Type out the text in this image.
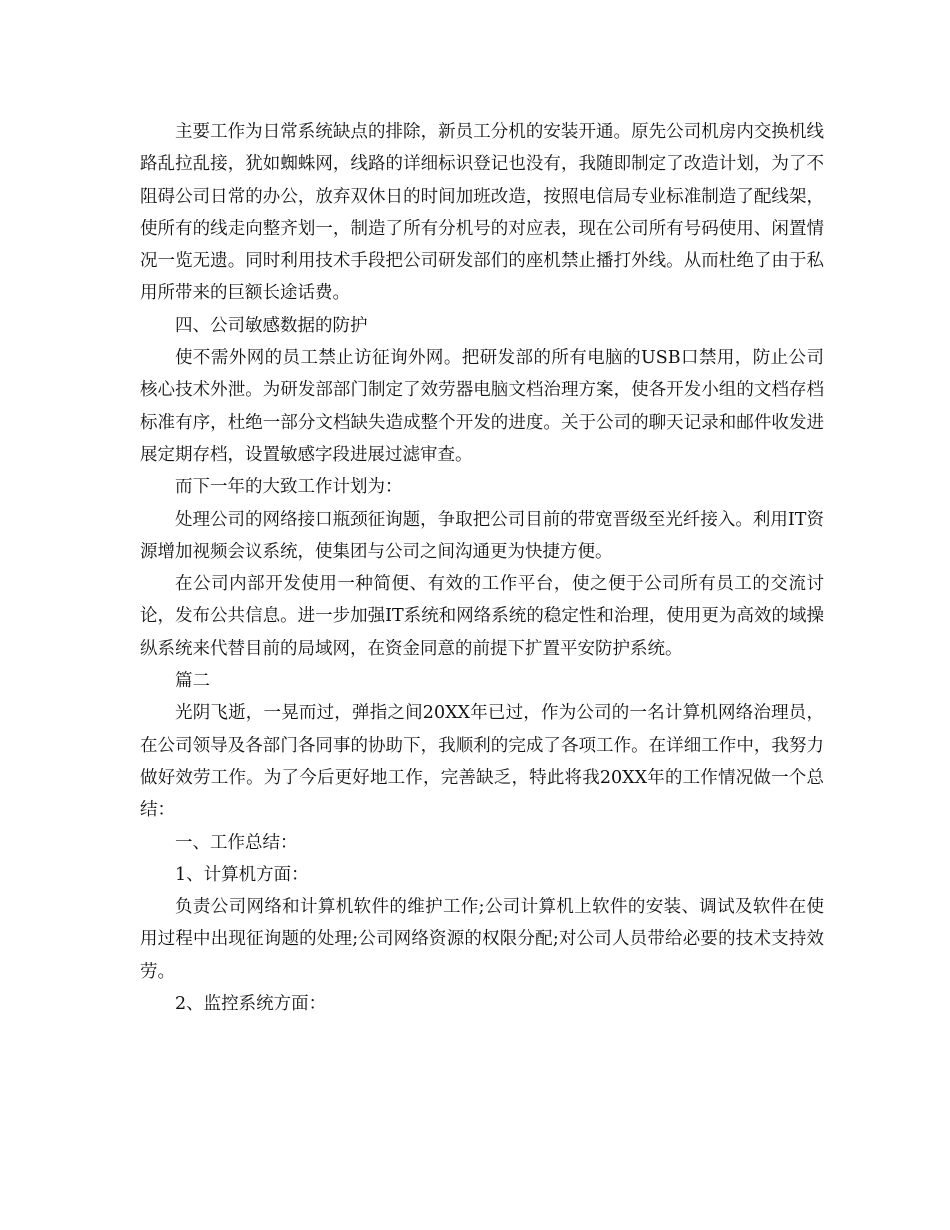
主要工作为日常系统缺点的排除，新员工分机的安装开通。原先公司机房内交换机线路乱拉乱接，犹如蜘蛛网，线路的详细标识登记也没有，我随即制定了改造计划，为了不阻碍公司日常的办公，放弃双休日的时间加班改造，按照电信局专业标准制造了配线架，使所有的线走向整齐划一，制造了所有分机号的对应表，现在公司所有号码使用、闲置情况一览无遗。同时利用技术手段把公司研发部们的座机禁止播打外线。从而杜绝了由于私用所带来的巨额长途话费。

四、公司敏感数据的防护

使不需外网的员工禁止访征询外网。把研发部的所有电脑的USB口禁用，防止公司核心技术外泄。为研发部部门制定了效劳器电脑文档治理方案，使各开发小组的文档存档标准有序，杜绝一部分文档缺失造成整个开发的进度。关于公司的聊天记录和邮件收发进展定期存档，设置敏感字段进展过滤审查。

而下一年的大致工作计划为：

处理公司的网络接口瓶颈征询题，争取把公司目前的带宽晋级至光纤接入。利用IT资源增加视频会议系统，使集团与公司之间沟通更为快捷方便。

在公司内部开发使用一种简便、有效的工作平台，使之便于公司所有员工的交流讨论，发布公共信息。进一步加强IT系统和网络系统的稳定性和治理，使用更为高效的域操纵系统来代替目前的局域网，在资金同意的前提下扩置平安防护系统。

篇二

光阴飞逝，一晃而过，弹指之间20XX年已过，作为公司的一名计算机网络治理员，在公司领导及各部门各同事的协助下，我顺利的完成了各项工作。在详细工作中，我努力做好效劳工作。为了今后更好地工作，完善缺乏，特此将我20XX年的工作情况做一个总结：

一、工作总结：

1、计算机方面：

负责公司网络和计算机软件的维护工作;公司计算机上软件的安装、调试及软件在使用过程中出现征询题的处理;公司网络资源的权限分配;对公司人员带给必要的技术支持效劳。

2、监控系统方面：
